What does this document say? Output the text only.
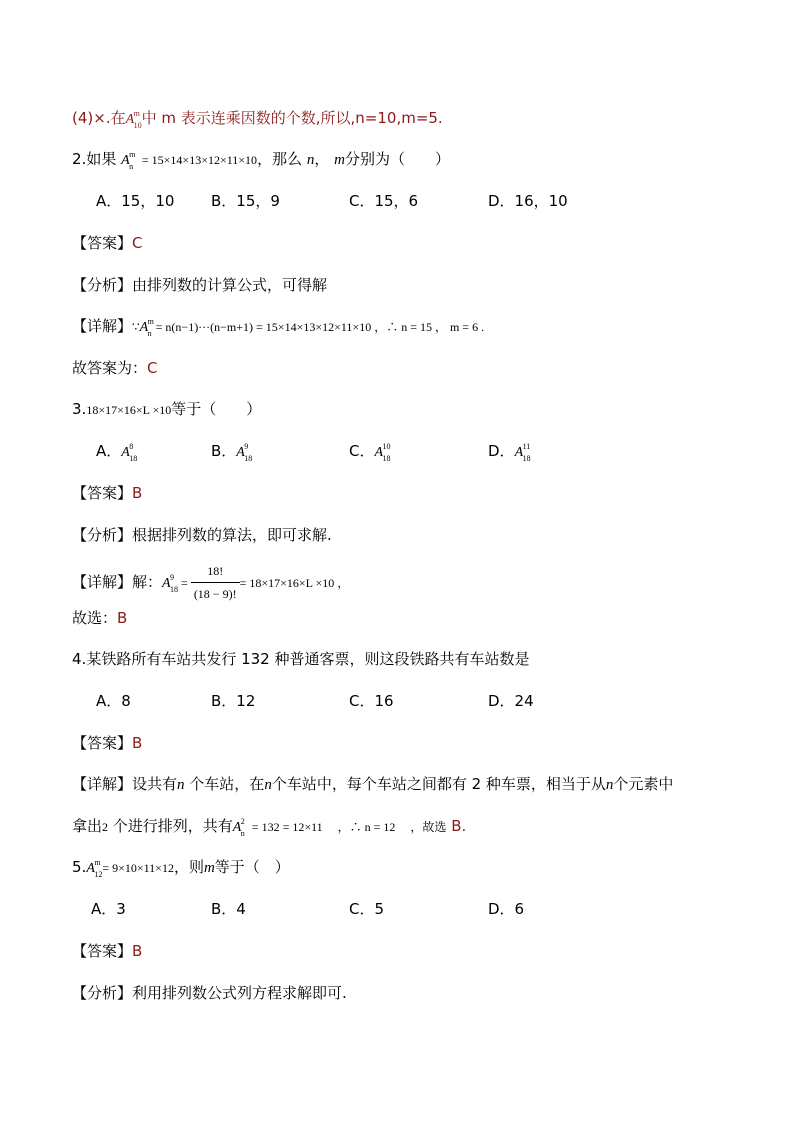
(4)×.在A m
10 中 m 表示连乘因数的个数,所以,n=10,m=5.
2.如果 A m
n = 15×14×13×12×11×10，那么 n， m分别为（　　）
A．15，10 B．15，9	C．15，6	D．16，10
【答案】C
【分析】由排列数的计算公式，可得解
【详解】∵A m
n = n(n−1)···(n−m+1) = 15×14×13×12×11×10 ，∴ n = 15 ， m = 6 .
故答案为：C
3.18×17×16×L ×10等于（　　）
A．A 8
18	B．A 9
18	C．A 10
18	D．A 11
18
【答案】B
【分析】根据排列数的算法，即可求解.
【详解】解：A 9
$18 = \frac{18!}{(18 - 9)!} = 18\times 17\times 16\times L \times 10$ ，
故选：B
4.某铁路所有车站共发行 132 种普通客票，则这段铁路共有车站数是
A．8	B．12	C．16	D．24
【答案】B
【详解】设共有n 个车站，在n个车站中，每个车站之间都有 2 种车票，相当于从n个元素中
拿出2 个进行排列，共有A 2
n = 132 = 12×11 　，∴ n = 12 　，故选 B.
5.A m
12 = 9×10×11×12，则m等于（　）
A．3	B．4	C．5	D．6
【答案】B
【分析】利用排列数公式列方程求解即可.
